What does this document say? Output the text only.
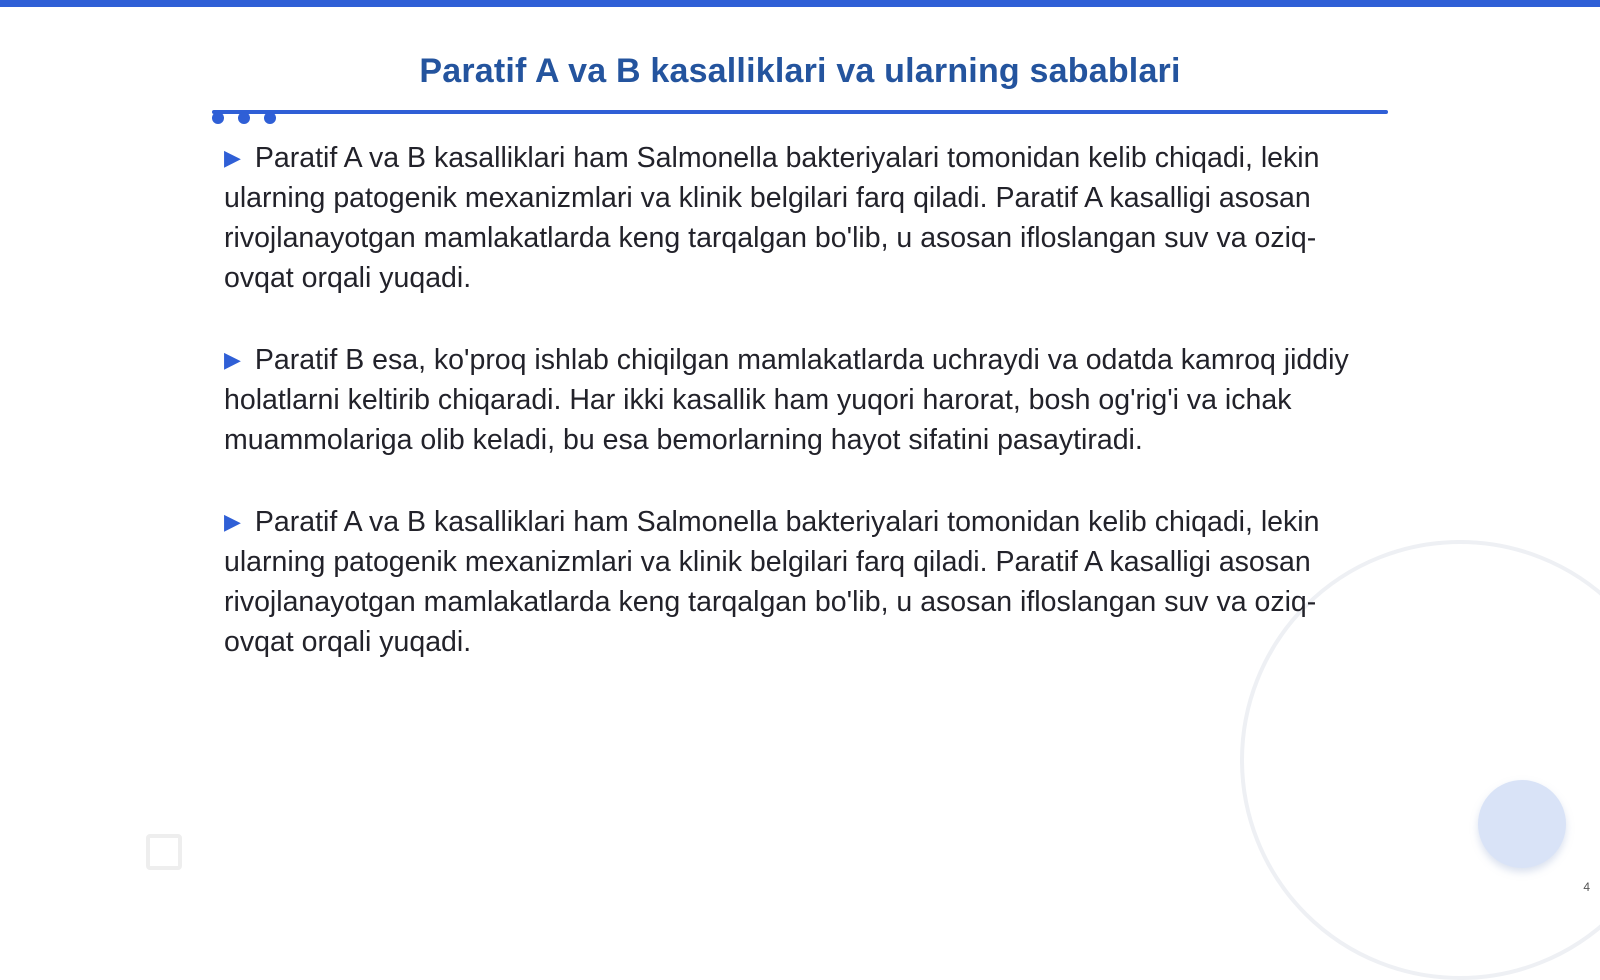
Paratif A va B kasalliklari va ularning sabablari

▶ Paratif A va B kasalliklari ham Salmonella bakteriyalari tomonidan kelib chiqadi, lekin ularning patogenik mexanizmlari va klinik belgilari farq qiladi. Paratif A kasalligi asosan rivojlanayotgan mamlakatlarda keng tarqalgan bo'lib, u asosan ifloslangan suv va oziq-ovqat orqali yuqadi.

▶ Paratif B esa, ko'proq ishlab chiqilgan mamlakatlarda uchraydi va odatda kamroq jiddiy holatlarni keltirib chiqaradi. Har ikki kasallik ham yuqori harorat, bosh og'rig'i va ichak muammolariga olib keladi, bu esa bemorlarning hayot sifatini pasaytiradi.

▶ Paratif A va B kasalliklari ham Salmonella bakteriyalari tomonidan kelib chiqadi, lekin ularning patogenik mexanizmlari va klinik belgilari farq qiladi. Paratif A kasalligi asosan rivojlanayotgan mamlakatlarda keng tarqalgan bo'lib, u asosan ifloslangan suv va oziq-ovqat orqali yuqadi.

4
